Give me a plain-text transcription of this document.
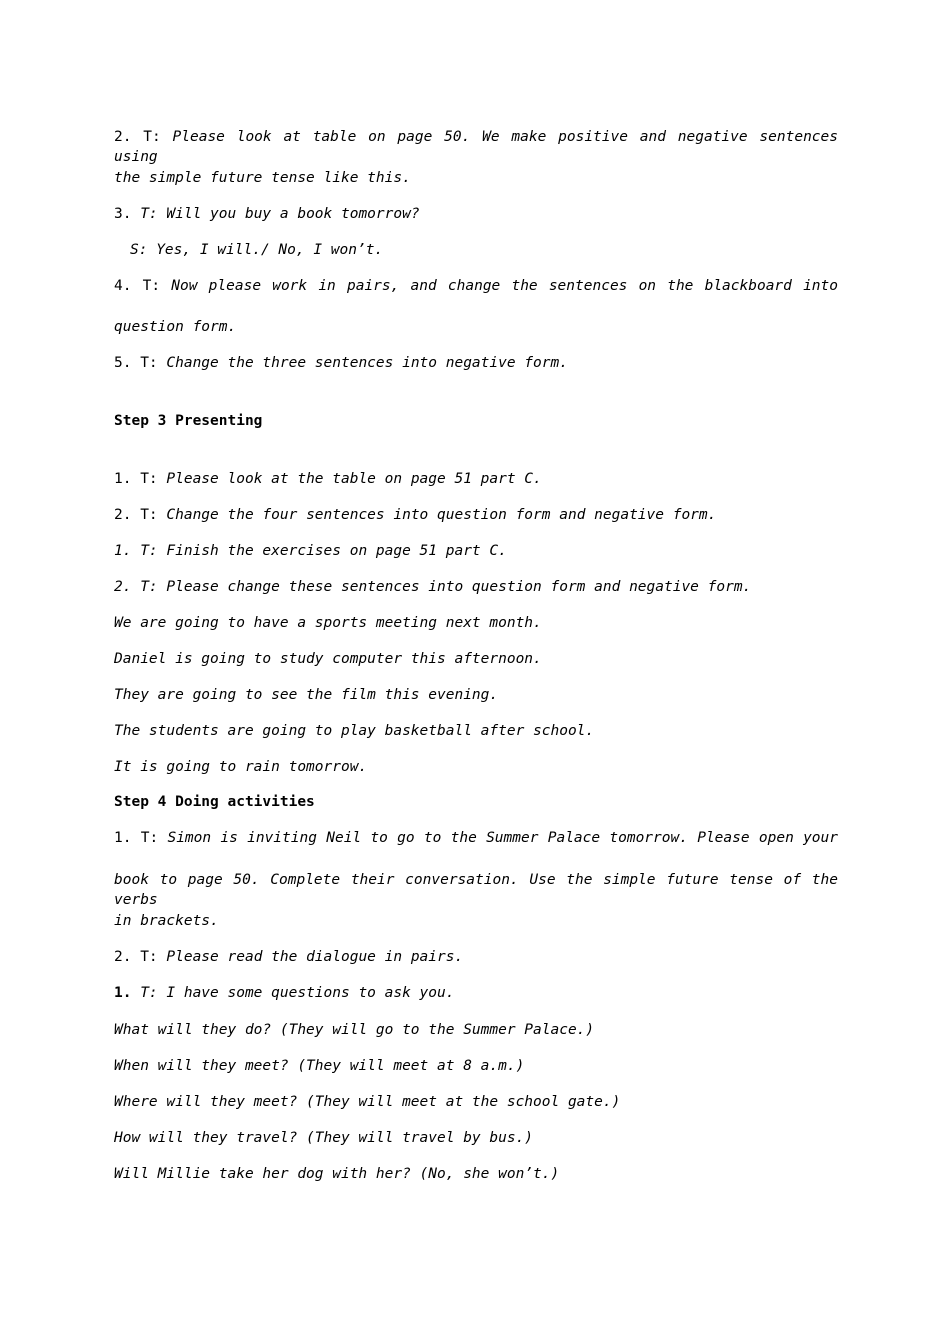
2. T: Please look at table on page 50. We make positive and negative sentences using
the simple future tense like this.
3. T: Will you buy a book tomorrow?
S: Yes, I will./ No, I won’t.
4. T: Now please work in pairs, and change the sentences on the blackboard into
question form.
5. T: Change the three sentences into negative form.
Step 3 Presenting
1. T: Please look at the table on page 51 part C.
2. T: Change the four sentences into question form and negative form.
1. T: Finish the exercises on page 51 part C.
2. T: Please change these sentences into question form and negative form.
We are going to have a sports meeting next month.
Daniel is going to study computer this afternoon.
They are going to see the film this evening.
The students are going to play basketball after school.
It is going to rain tomorrow.
Step 4 Doing activities
1. T: Simon is inviting Neil to go to the Summer Palace tomorrow. Please open your
book to page 50. Complete their conversation. Use the simple future tense of the verbs
in brackets.
2. T: Please read the dialogue in pairs.
1. T: I have some questions to ask you.
What will they do? (They will go to the Summer Palace.)
When will they meet? (They will meet at 8 a.m.)
Where will they meet? (They will meet at the school gate.)
How will they travel? (They will travel by bus.)
Will Millie take her dog with her? (No, she won’t.)
